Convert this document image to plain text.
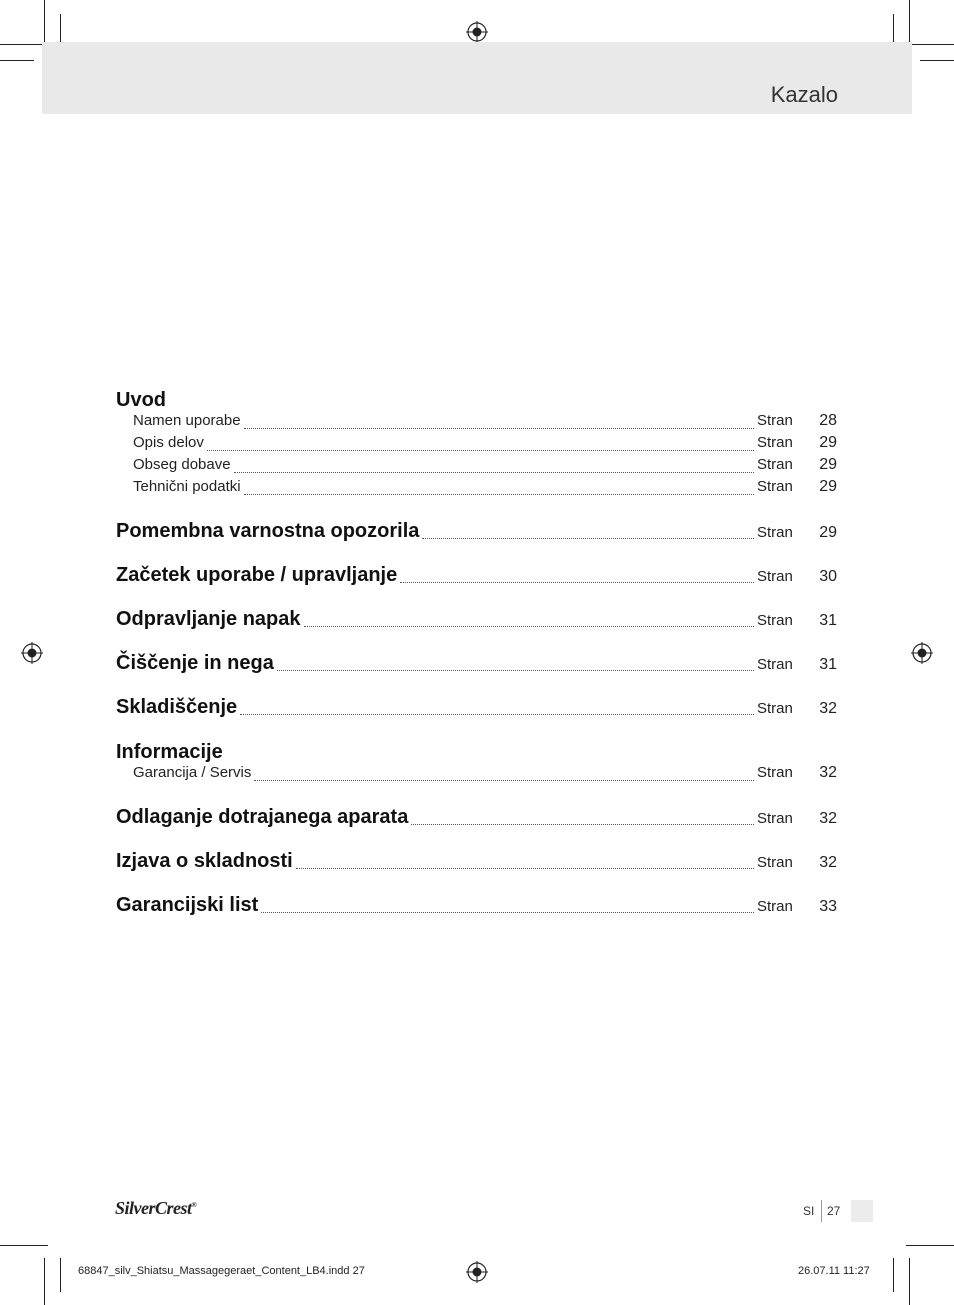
Kazalo
Uvod
Namen uporabe	Stran	28
Opis delov	Stran	29
Obseg dobave	Stran	29
Tehnični podatki	Stran	29
Pomembna varnostna opozorila	Stran	29
Začetek uporabe / upravljanje	Stran	30
Odpravljanje napak	Stran	31
Čiščenje in nega	Stran	31
Skladiščenje	Stran	32
Informacije
Garancija / Servis	Stran	32
Odlaganje dotrajanega aparata	Stran	32
Izjava o skladnosti	Stran	32
Garancijski list	Stran	33
SilverCrest®	SI 27
68847_silv_Shiatsu_Massagegeraet_Content_LB4.indd 27	26.07.11 11:27
